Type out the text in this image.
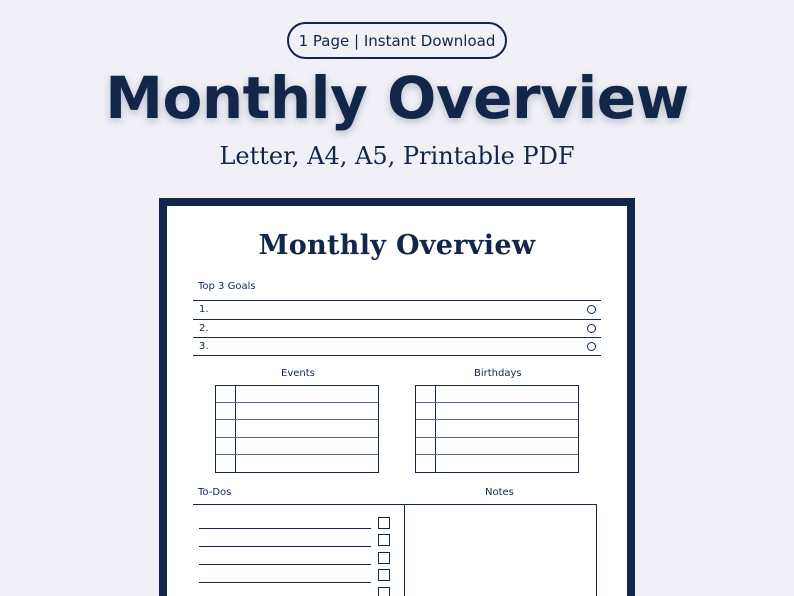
1 Page | Instant Download
Monthly Overview
Letter, A4, A5, Printable PDF
Monthly Overview
Top 3 Goals
1.
2.
3.
Events	Birthdays
To-Dos	Notes
